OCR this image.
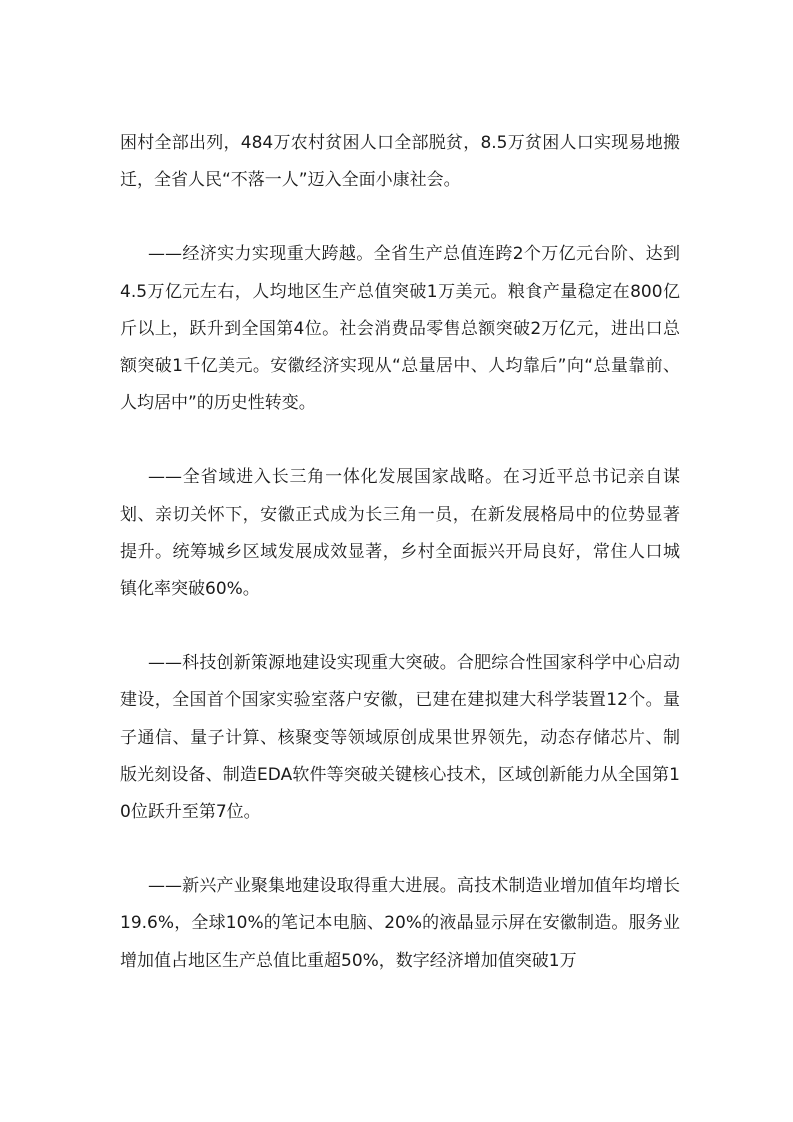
困村全部出列，484万农村贫困人口全部脱贫，8.5万贫困人口实现易地搬迁，全省人民“不落一人”迈入全面小康社会。

——经济实力实现重大跨越。全省生产总值连跨2个万亿元台阶、达到4.5万亿元左右，人均地区生产总值突破1万美元。粮食产量稳定在800亿斤以上，跃升到全国第4位。社会消费品零售总额突破2万亿元，进出口总额突破1千亿美元。安徽经济实现从“总量居中、人均靠后”向“总量靠前、人均居中”的历史性转变。

——全省域进入长三角一体化发展国家战略。在习近平总书记亲自谋划、亲切关怀下，安徽正式成为长三角一员，在新发展格局中的位势显著提升。统筹城乡区域发展成效显著，乡村全面振兴开局良好，常住人口城镇化率突破60%。

——科技创新策源地建设实现重大突破。合肥综合性国家科学中心启动建设，全国首个国家实验室落户安徽，已建在建拟建大科学装置12个。量子通信、量子计算、核聚变等领域原创成果世界领先，动态存储芯片、制版光刻设备、制造EDA软件等突破关键核心技术，区域创新能力从全国第10位跃升至第7位。

——新兴产业聚集地建设取得重大进展。高技术制造业增加值年均增长19.6%，全球10%的笔记本电脑、20%的液晶显示屏在安徽制造。服务业增加值占地区生产总值比重超50%，数字经济增加值突破1万
